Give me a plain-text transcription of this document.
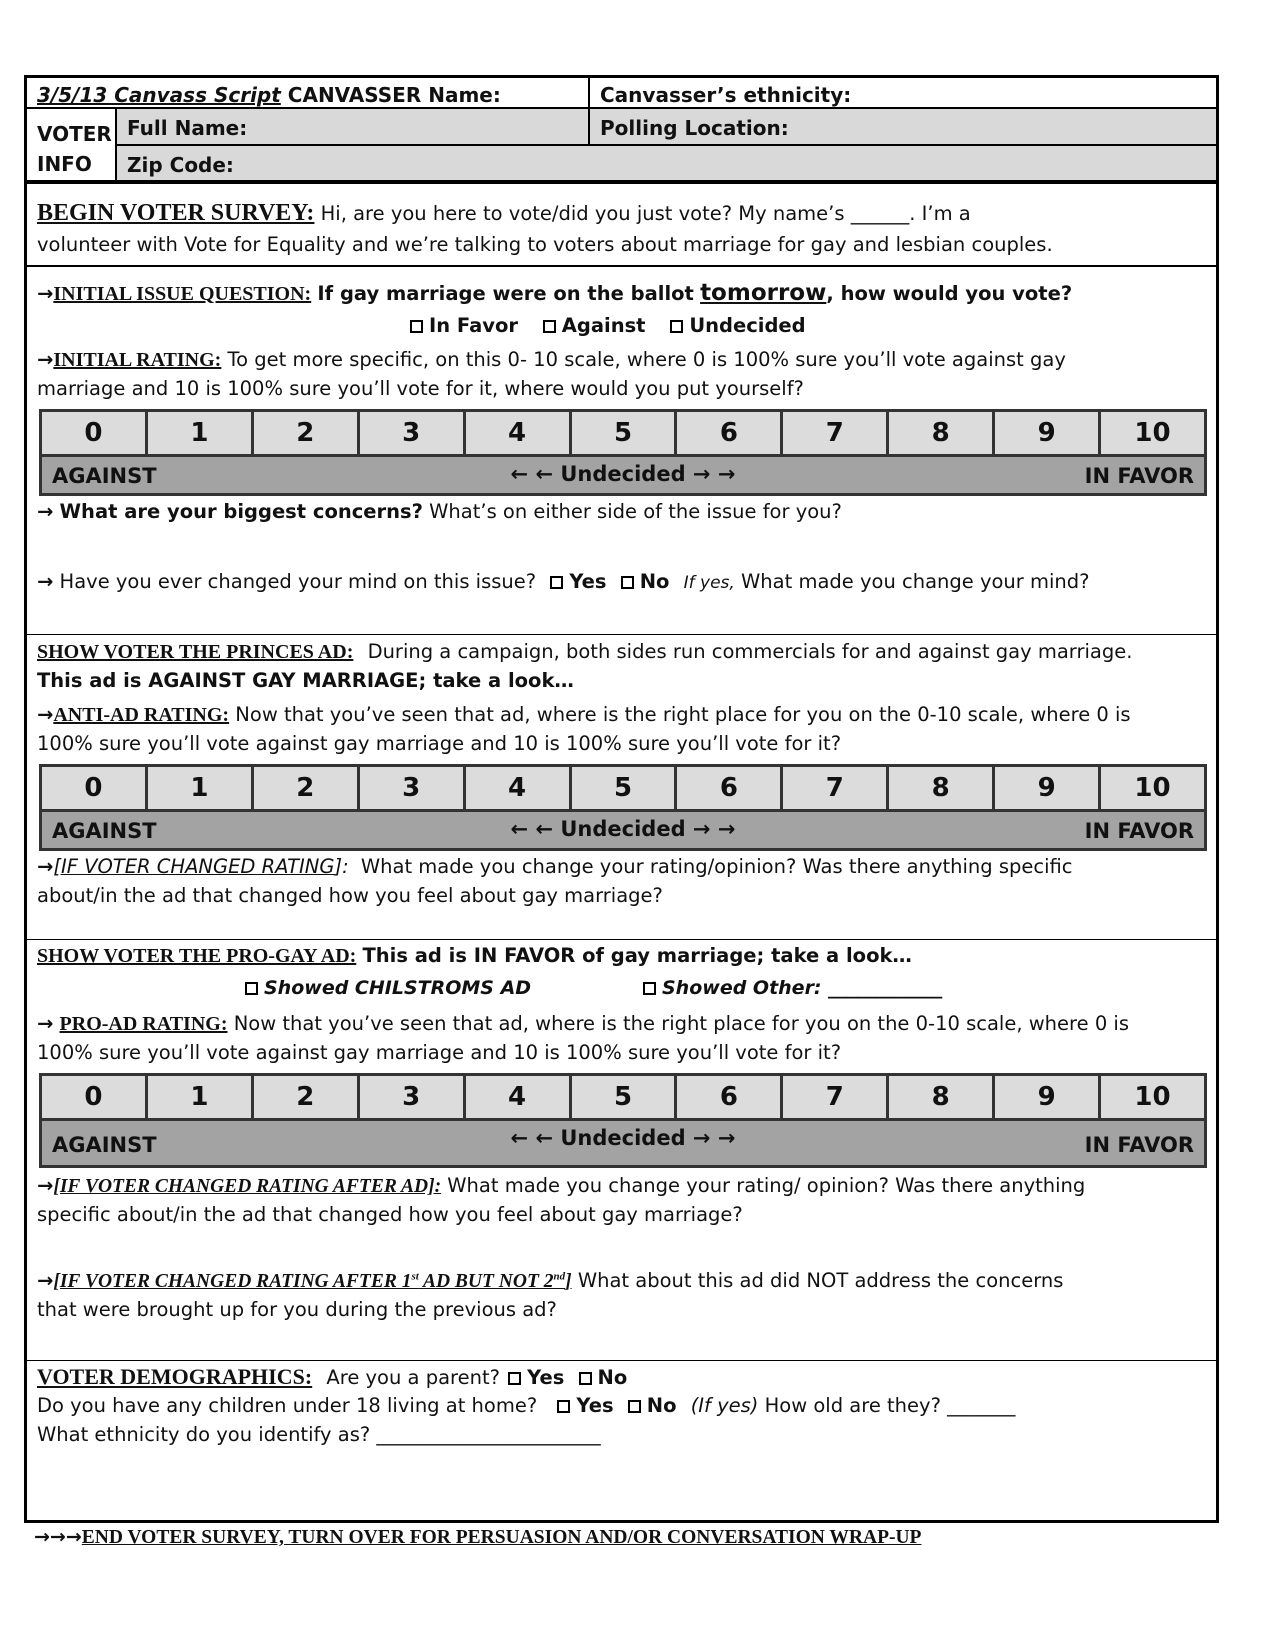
3/5/13 Canvass Script CANVASSER Name:	Canvasser’s ethnicity:
VOTER
INFO
Full Name:	Polling Location:
Zip Code:
BEGIN VOTER SURVEY: Hi, are you here to vote/did you just vote? My name’s ______. I’m a
volunteer with Vote for Equality and we’re talking to voters about marriage for gay and lesbian couples.
→INITIAL ISSUE QUESTION: If gay marriage were on the ballot tomorrow, how would you vote?
In Favor Against Undecided
→INITIAL RATING: To get more specific, on this 0- 10 scale, where 0 is 100% sure you’ll vote against gay
marriage and 10 is 100% sure you’ll vote for it, where would you put yourself?
0	1	2	3	4	5	6	7	8	9	10
AGAINST	← ← Undecided → →	IN FAVOR
→ What are your biggest concerns? What’s on either side of the issue for you?
→ Have you ever changed your mind on this issue? Yes No If yes, What made you change your mind?
SHOW VOTER THE PRINCES AD: During a campaign, both sides run commercials for and against gay marriage.
This ad is AGAINST GAY MARRIAGE; take a look…
→ANTI-AD RATING: Now that you’ve seen that ad, where is the right place for you on the 0-10 scale, where 0 is
100% sure you’ll vote against gay marriage and 10 is 100% sure you’ll vote for it?
0	1	2	3	4	5	6	7	8	9	10
AGAINST	← ← Undecided → →	IN FAVOR
→[IF VOTER CHANGED RATING]: What made you change your rating/opinion? Was there anything specific
about/in the ad that changed how you feel about gay marriage?
SHOW VOTER THE PRO-GAY AD: This ad is IN FAVOR of gay marriage; take a look…
Showed CHILSTROMS AD	Showed Other: ____________
→ PRO-AD RATING: Now that you’ve seen that ad, where is the right place for you on the 0-10 scale, where 0 is
100% sure you’ll vote against gay marriage and 10 is 100% sure you’ll vote for it?
0	1	2	3	4	5	6	7	8	9	10
AGAINST	← ← Undecided → →	IN FAVOR
→[IF VOTER CHANGED RATING AFTER AD]: What made you change your rating/ opinion? Was there anything
specific about/in the ad that changed how you feel about gay marriage?
→[IF VOTER CHANGED RATING AFTER 1st AD BUT NOT 2nd] What about this ad did NOT address the concerns
that were brought up for you during the previous ad?
VOTER DEMOGRAPHICS: Are you a parent? Yes No
Do you have any children under 18 living at home? Yes No (If yes) How old are they? _______
What ethnicity do you identify as? _______________________
→→→END VOTER SURVEY, TURN OVER FOR PERSUASION AND/OR CONVERSATION WRAP-UP
